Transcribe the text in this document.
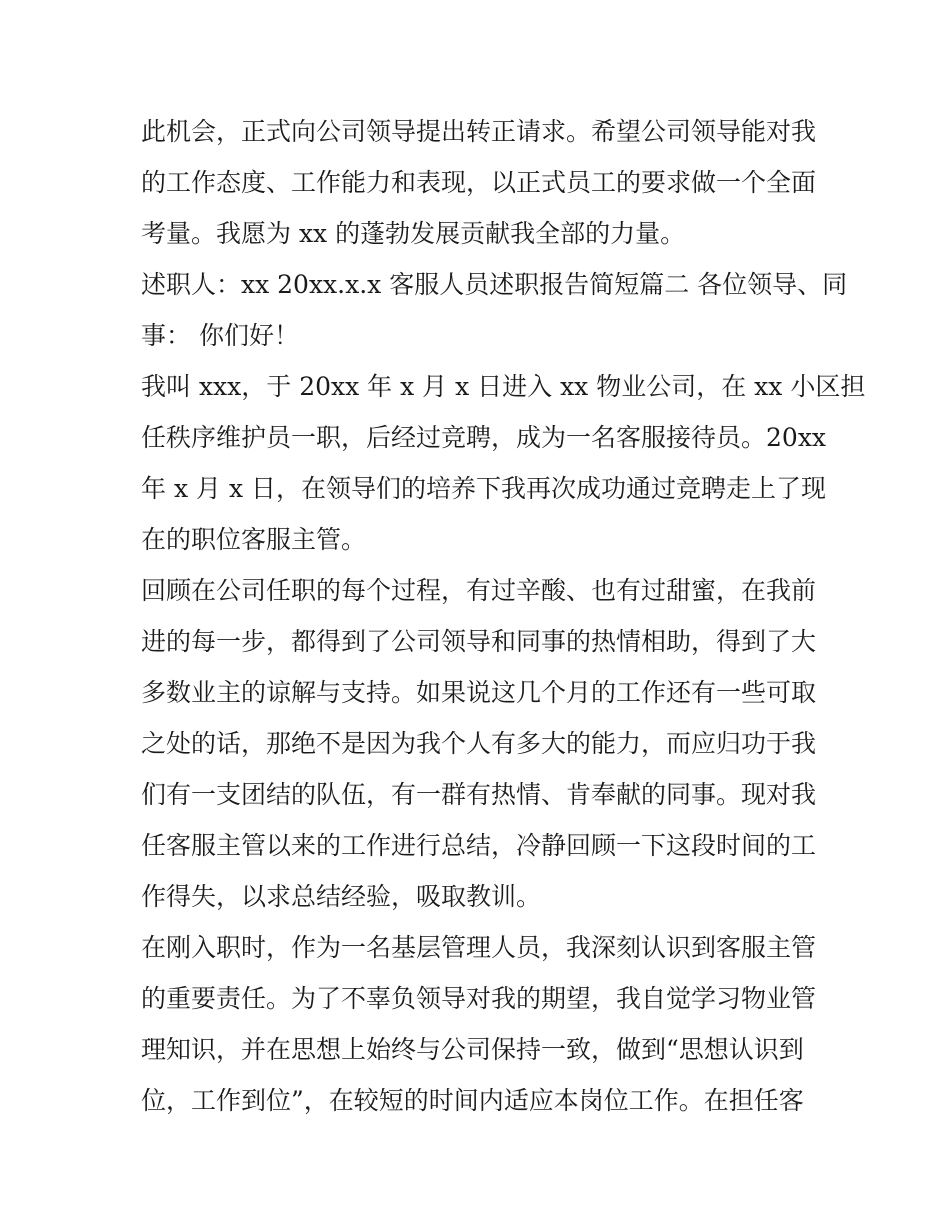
此机会，正式向公司领导提出转正请求。希望公司领导能对我
的工作态度、工作能力和表现，以正式员工的要求做一个全面
考量。我愿为 xx 的蓬勃发展贡献我全部的力量。
述职人：xx 20xx.x.x 客服人员述职报告简短篇二 各位领导、同
事： 你们好！
我叫 xxx，于 20xx 年 x 月 x 日进入 xx 物业公司，在 xx 小区担
任秩序维护员一职，后经过竞聘，成为一名客服接待员。20xx
年 x 月 x 日，在领导们的培养下我再次成功通过竞聘走上了现
在的职位客服主管。
回顾在公司任职的每个过程，有过辛酸、也有过甜蜜，在我前
进的每一步，都得到了公司领导和同事的热情相助，得到了大
多数业主的谅解与支持。如果说这几个月的工作还有一些可取
之处的话，那绝不是因为我个人有多大的能力，而应归功于我
们有一支团结的队伍，有一群有热情、肯奉献的同事。现对我
任客服主管以来的工作进行总结，冷静回顾一下这段时间的工
作得失，以求总结经验，吸取教训。
在刚入职时，作为一名基层管理人员，我深刻认识到客服主管
的重要责任。为了不辜负领导对我的期望，我自觉学习物业管
理知识，并在思想上始终与公司保持一致，做到“思想认识到
位，工作到位”，在较短的时间内适应本岗位工作。在担任客
